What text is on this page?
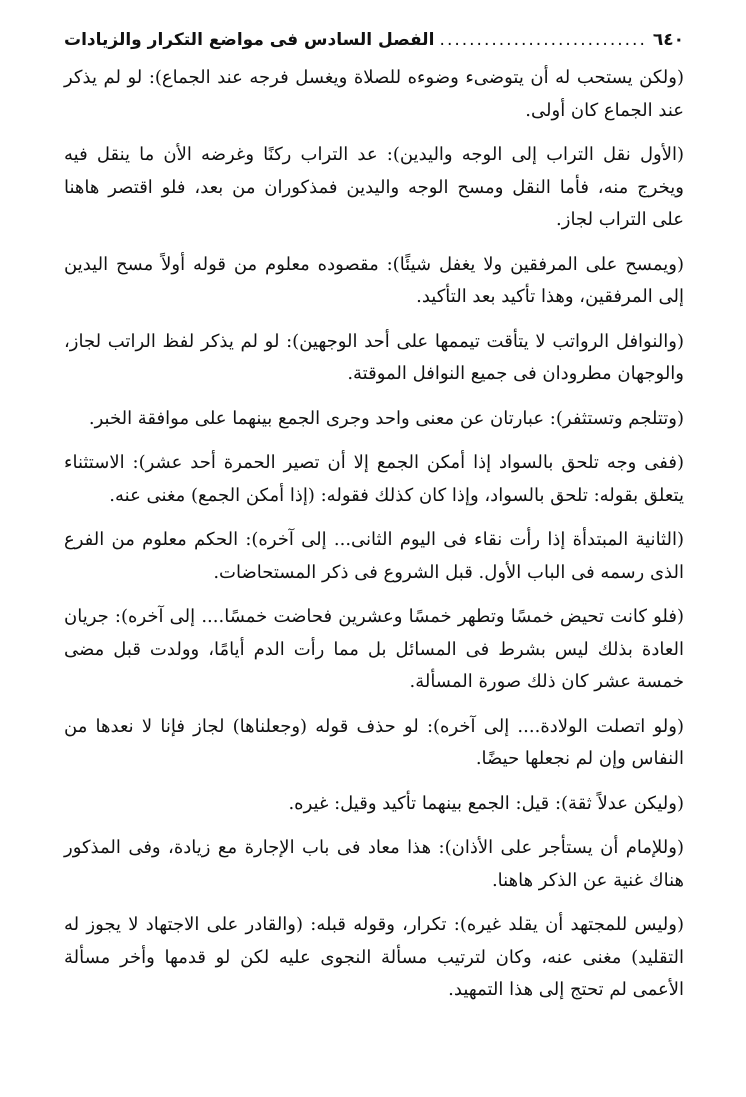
٦٤٠
.....
الفصل السادس فى مواضع التكرار والزيادات

(ولكن يستحب له أن يتوضىء وضوءه للصلاة ويغسل فرجه عند الجماع): لو لم يذكر عند الجماع كان أولى.

(الأول نقل التراب إلى الوجه واليدين): عد التراب ركنًا وغرضه الأن ما ينقل فيه ويخرج منه، فأما النقل ومسح الوجه واليدين فمذكوران من بعد، فلو اقتصر هاهنا على التراب لجاز.

(ويمسح على المرفقين ولا يغفل شيئًا): مقصوده معلوم من قوله أولاً مسح اليدين إلى المرفقين، وهذا تأكيد بعد التأكيد.

(والنوافل الرواتب لا يتأقت تيممها على أحد الوجهين): لو لم يذكر لفظ الراتب لجاز، والوجهان مطرودان فى جميع النوافل الموقتة.

(وتتلجم وتستثفر): عبارتان عن معنى واحد وجرى الجمع بينهما على موافقة الخبر.

(ففى وجه تلحق بالسواد إذا أمكن الجمع إلا أن تصير الحمرة أحد عشر): الاستثناء يتعلق بقوله: تلحق بالسواد، وإذا كان كذلك فقوله: (إذا أمكن الجمع) مغنى عنه.

(الثانية المبتدأة إذا رأت نقاء فى اليوم الثانى... إلى آخره): الحكم معلوم من الفرع الذى رسمه فى الباب الأول. قبل الشروع فى ذكر المستحاضات.

(فلو كانت تحيض خمسًا وتطهر خمسًا وعشرين فحاضت خمسًا.... إلى آخره): جريان العادة بذلك ليس بشرط فى المسائل بل مما رأت الدم أيامًا، وولدت قبل مضى خمسة عشر كان ذلك صورة المسألة.

(ولو اتصلت الولادة.... إلى آخره): لو حذف قوله (وجعلناها) لجاز فإنا لا نعدها من النفاس وإن لم نجعلها حيضًا.

(وليكن عدلاً ثقة): قيل: الجمع بينهما تأكيد وقيل: غيره.

(وللإمام أن يستأجر على الأذان): هذا معاد فى باب الإجارة مع زيادة، وفى المذكور هناك غنية عن الذكر هاهنا.

(وليس للمجتهد أن يقلد غيره): تكرار، وقوله قبله: (والقادر على الاجتهاد لا يجوز له التقليد) مغنى عنه، وكان لترتيب مسألة النجوى عليه لكن لو قدمها وأخر مسألة الأعمى لم تحتج إلى هذا التمهيد.
